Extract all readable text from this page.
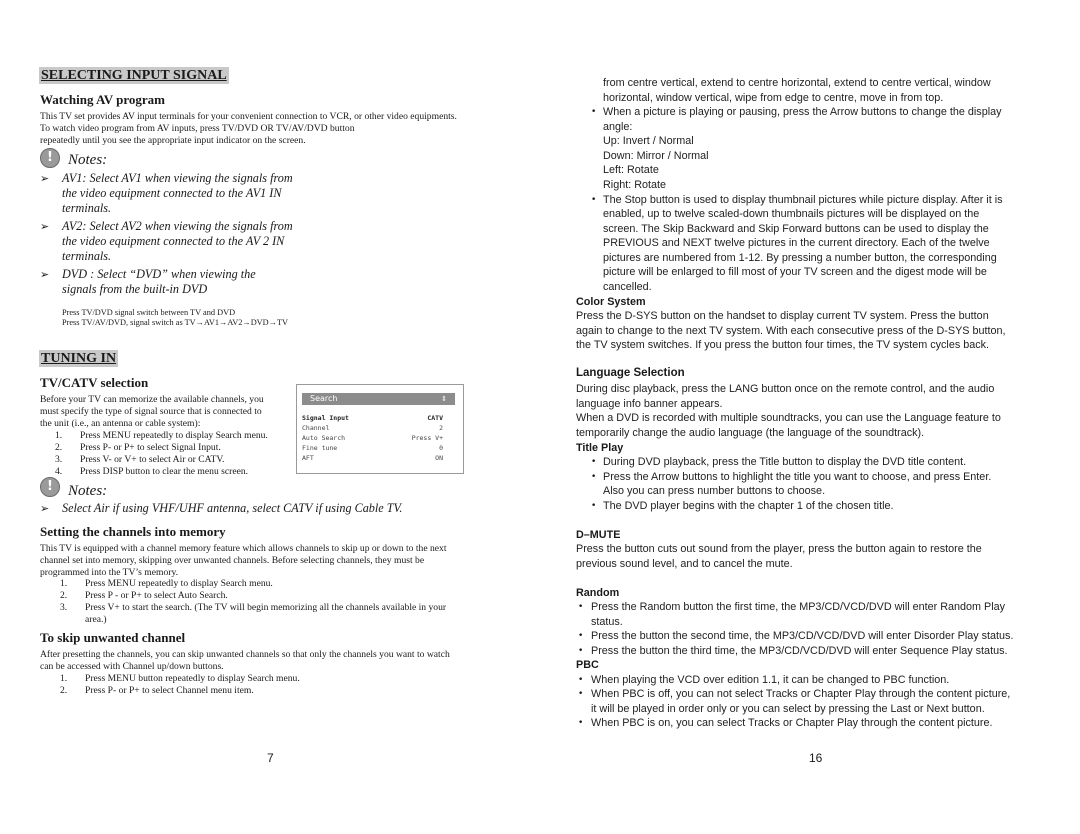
SELECTING INPUT SIGNAL
Watching AV program
This TV set provides AV input terminals for your convenient connection to VCR, or other video equipments.
To watch video program from AV inputs, press TV/DVD OR TV/AV/DVD button
repeatedly until you see the appropriate input indicator on the screen.
!	Notes:
➢ AV1: Select AV1 when viewing the signals from
the video equipment connected to the AV1 IN
terminals.
➢ AV2: Select AV2 when viewing the signals from
the video equipment connected to the AV 2 IN
terminals.
➢ DVD : Select “DVD” when viewing the
signals from the built-in DVD
Press TV/DVD signal switch between TV and DVD
Press TV/AV/DVD, signal switch as TV→AV1→AV2→DVD→TV
TUNING IN
TV/CATV selection
Before your TV can memorize the available channels, you
must specify the type of signal source that is connected to
the unit (i.e., an antenna or cable system):
1. Press MENU repeatedly to display Search menu.
2. Press P- or P+ to select Signal Input.
3. Press V- or V+ to select Air or CATV.
4. Press DISP button to clear the menu screen.
Search	⇕
Signal Input	CATV
Channel	2
Auto Search	Press V+
Fine tune	0
AFT	ON
!	Notes:
➢ Select Air if using VHF/UHF antenna, select CATV if using Cable TV.
Setting the channels into memory
This TV is equipped with a channel memory feature which allows channels to skip up or down to the next
channel set into memory, skipping over unwanted channels. Before selecting channels, they must be
programmed into the TV’s memory.
1. Press MENU repeatedly to display Search menu.
2. Press P - or P+ to select Auto Search.
3. Press V+ to start the search. (The TV will begin memorizing all the channels available in your
area.)
To skip unwanted channel
After presetting the channels, you can skip unwanted channels so that only the channels you want to watch
can be accessed with Channel up/down buttons.
1. Press MENU button repeatedly to display Search menu.
2. Press P- or P+ to select Channel menu item.
7
from centre vertical, extend to centre horizontal, extend to centre vertical, window
horizontal, window vertical, wipe from edge to centre, move in from top.
• When a picture is playing or pausing, press the Arrow buttons to change the display
angle:
Up: Invert / Normal
Down: Mirror / Normal
Left: Rotate
Right: Rotate
• The Stop button is used to display thumbnail pictures while picture display. After it is
enabled, up to twelve scaled-down thumbnails pictures will be displayed on the
screen. The Skip Backward and Skip Forward buttons can be used to display the
PREVIOUS and NEXT twelve pictures in the current directory. Each of the twelve
pictures are numbered from 1-12. By pressing a number button, the corresponding
picture will be enlarged to fill most of your TV screen and the digest mode will be
cancelled.
Color System
Press the D-SYS button on the handset to display current TV system. Press the button
again to change to the next TV system. With each consecutive press of the D-SYS button,
the TV system switches. If you press the button four times, the TV system cycles back.
Language Selection
During disc playback, press the LANG button once on the remote control, and the audio
language info banner appears.
When a DVD is recorded with multiple soundtracks, you can use the Language feature to
temporarily change the audio language (the language of the soundtrack).
Title Play
• During DVD playback, press the Title button to display the DVD title content.
• Press the Arrow buttons to highlight the title you want to choose, and press Enter.
Also you can press number buttons to choose.
• The DVD player begins with the chapter 1 of the chosen title.
D–MUTE
Press the button cuts out sound from the player, press the button again to restore the
previous sound level, and to cancel the mute.
Random
• Press the Random button the first time, the MP3/CD/VCD/DVD will enter Random Play
status.
• Press the button the second time, the MP3/CD/VCD/DVD will enter Disorder Play status.
• Press the button the third time, the MP3/CD/VCD/DVD will enter Sequence Play status.
PBC
• When playing the VCD over edition 1.1, it can be changed to PBC function.
• When PBC is off, you can not select Tracks or Chapter Play through the content picture,
it will be played in order only or you can select by pressing the Last or Next button.
• When PBC is on, you can select Tracks or Chapter Play through the content picture.
16
